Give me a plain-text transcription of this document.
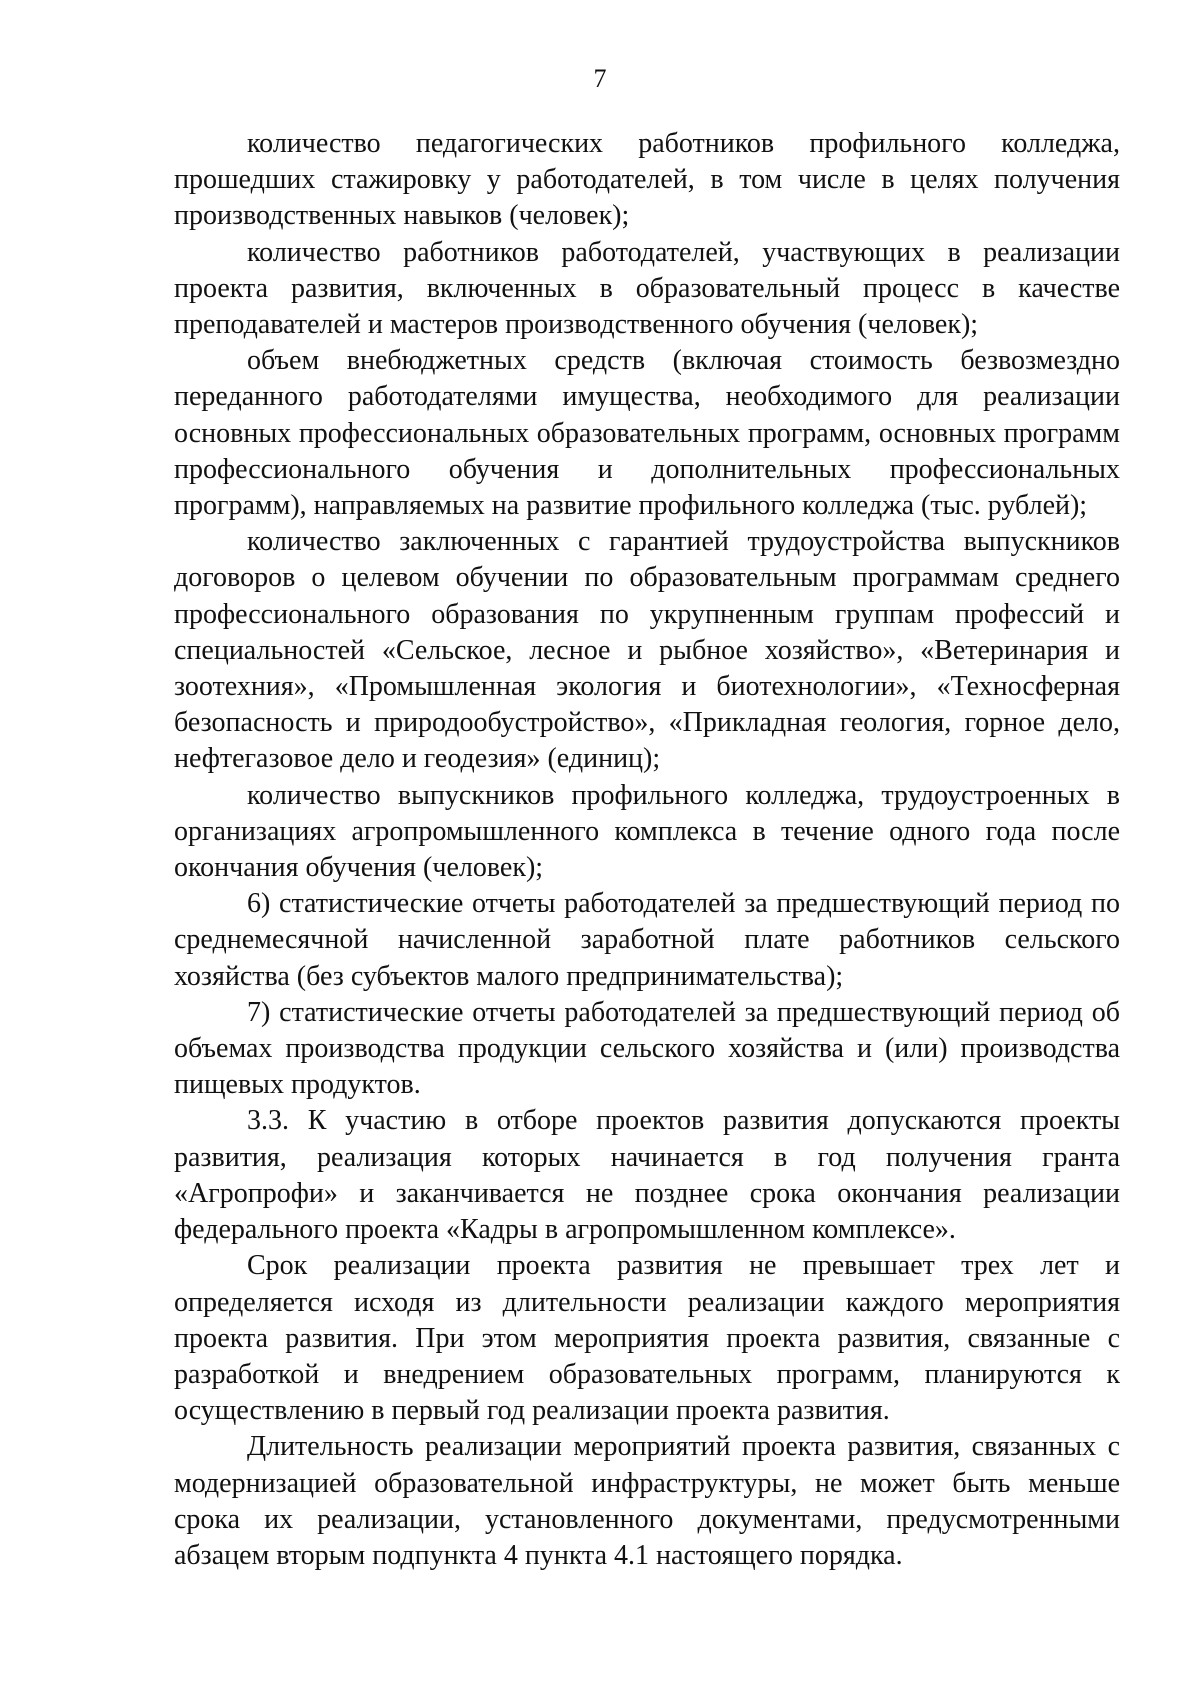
7

количество педагогических работников профильного колледжа, прошедших стажировку у работодателей, в том числе в целях получения производственных навыков (человек);

количество работников работодателей, участвующих в реализации проекта развития, включенных в образовательный процесс в качестве преподавателей и мастеров производственного обучения (человек);

объем внебюджетных средств (включая стоимость безвозмездно переданного работодателями имущества, необходимого для реализации основных профессиональных образовательных программ, основных программ профессионального обучения и дополнительных профессиональных программ), направляемых на развитие профильного колледжа (тыс. рублей);

количество заключенных с гарантией трудоустройства выпускников договоров о целевом обучении по образовательным программам среднего профессионального образования по укрупненным группам профессий и специальностей «Сельское, лесное и рыбное хозяйство», «Ветеринария и зоотехния», «Промышленная экология и биотехнологии», «Техносферная безопасность и природообустройство», «Прикладная геология, горное дело, нефтегазовое дело и геодезия» (единиц);

количество выпускников профильного колледжа, трудоустроенных в организациях агропромышленного комплекса в течение одного года после окончания обучения (человек);

6) статистические отчеты работодателей за предшествующий период по среднемесячной начисленной заработной плате работников сельского хозяйства (без субъектов малого предпринимательства);

7) статистические отчеты работодателей за предшествующий период об объемах производства продукции сельского хозяйства и (или) производства пищевых продуктов.

3.3. К участию в отборе проектов развития допускаются проекты развития, реализация которых начинается в год получения гранта «Агропрофи» и заканчивается не позднее срока окончания реализации федерального проекта «Кадры в агропромышленном комплексе».

Срок реализации проекта развития не превышает трех лет и определяется исходя из длительности реализации каждого мероприятия проекта развития. При этом мероприятия проекта развития, связанные с разработкой и внедрением образовательных программ, планируются к осуществлению в первый год реализации проекта развития.

Длительность реализации мероприятий проекта развития, связанных с модернизацией образовательной инфраструктуры, не может быть меньше срока их реализации, установленного документами, предусмотренными абзацем вторым подпункта 4 пункта 4.1 настоящего порядка.
